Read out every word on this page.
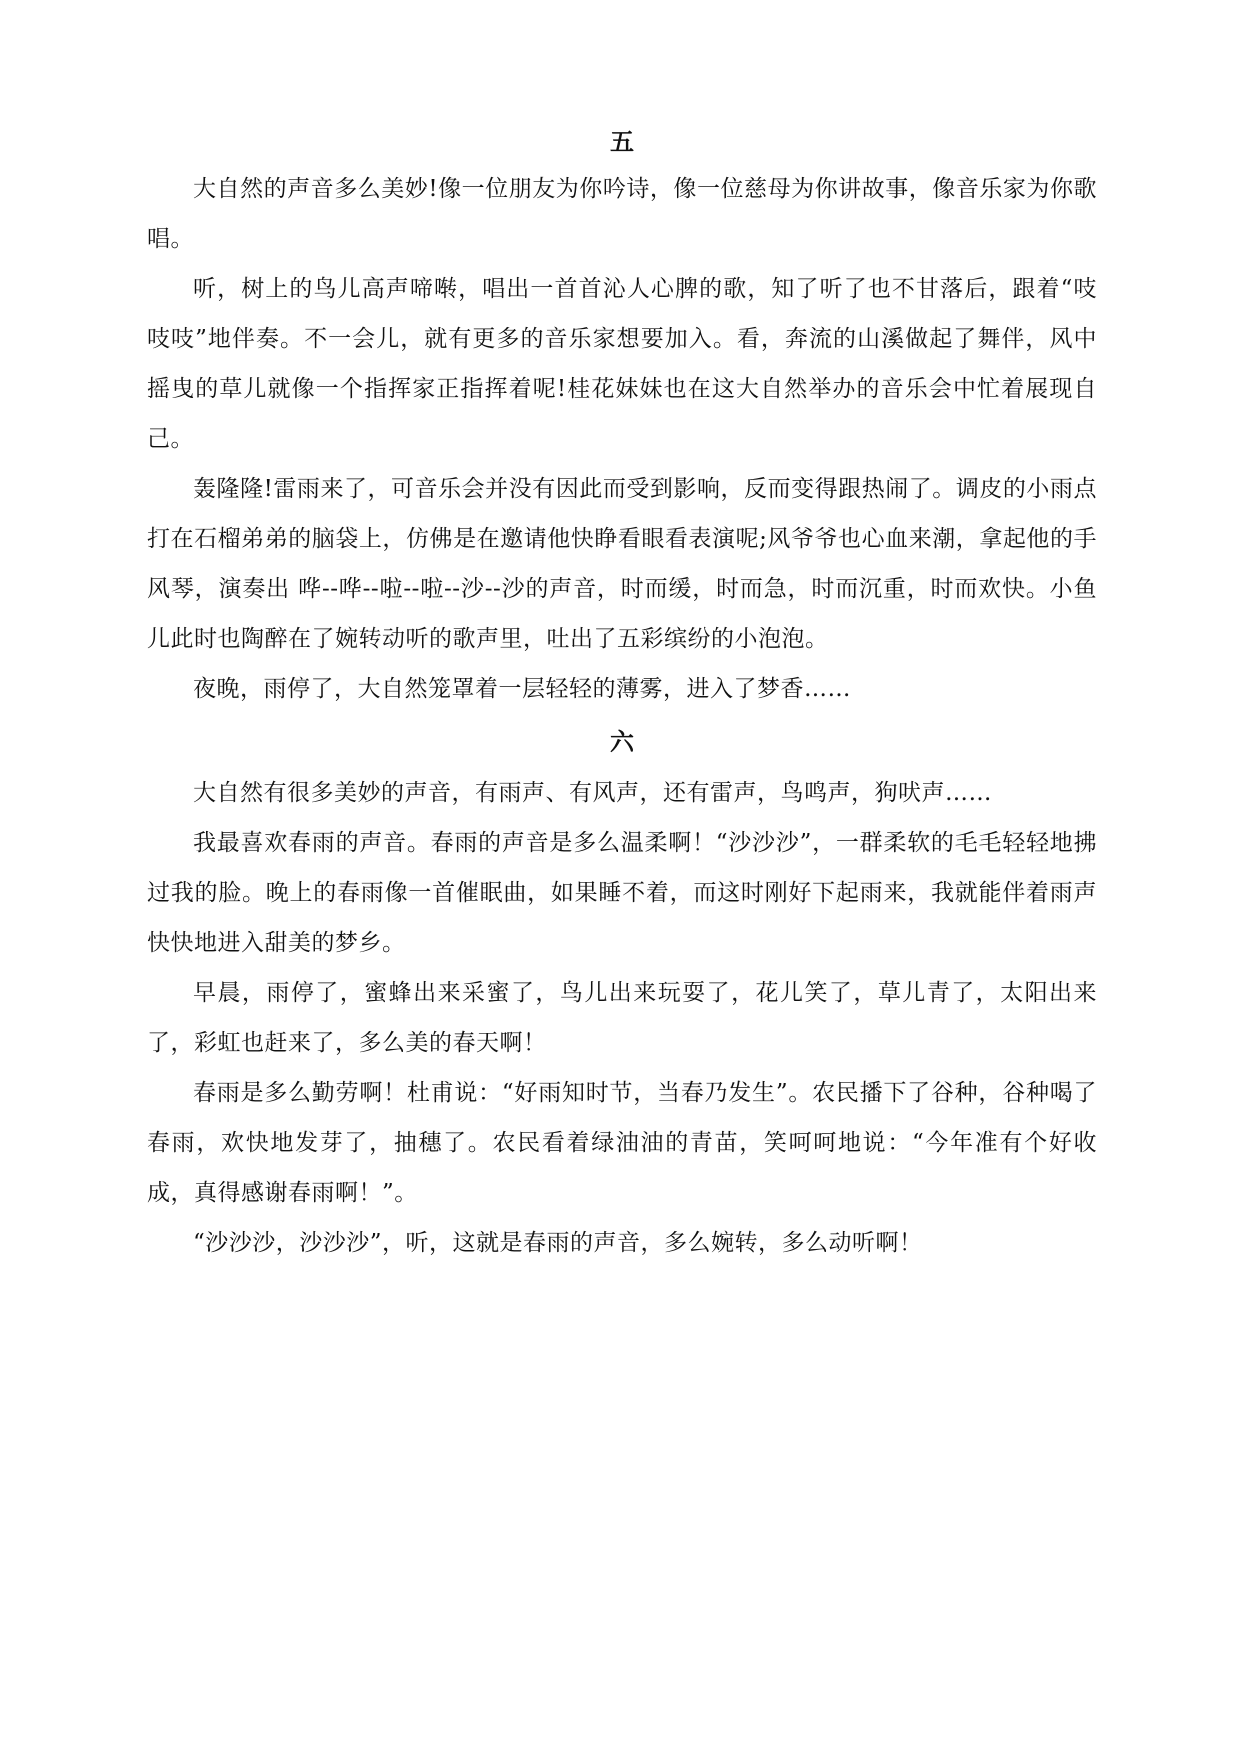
五

大自然的声音多么美妙!像一位朋友为你吟诗，像一位慈母为你讲故事，像音乐家为你歌唱。

听，树上的鸟儿高声啼啭，唱出一首首沁人心脾的歌，知了听了也不甘落后，跟着“吱吱吱”地伴奏。不一会儿，就有更多的音乐家想要加入。看，奔流的山溪做起了舞伴，风中摇曳的草儿就像一个指挥家正指挥着呢!桂花妹妹也在这大自然举办的音乐会中忙着展现自己。

轰隆隆!雷雨来了，可音乐会并没有因此而受到影响，反而变得跟热闹了。调皮的小雨点打在石榴弟弟的脑袋上，仿佛是在邀请他快睁看眼看表演呢;风爷爷也心血来潮，拿起他的手风琴，演奏出 哗--哗--啦--啦--沙--沙的声音，时而缓，时而急，时而沉重，时而欢快。小鱼儿此时也陶醉在了婉转动听的歌声里，吐出了五彩缤纷的小泡泡。

夜晚，雨停了，大自然笼罩着一层轻轻的薄雾，进入了梦香……

六

大自然有很多美妙的声音，有雨声、有风声，还有雷声，鸟鸣声，狗吠声……

我最喜欢春雨的声音。春雨的声音是多么温柔啊！“沙沙沙”，一群柔软的毛毛轻轻地拂过我的脸。晚上的春雨像一首催眠曲，如果睡不着，而这时刚好下起雨来，我就能伴着雨声快快地进入甜美的梦乡。

早晨，雨停了，蜜蜂出来采蜜了，鸟儿出来玩耍了，花儿笑了，草儿青了，太阳出来了，彩虹也赶来了，多么美的春天啊！

春雨是多么勤劳啊！杜甫说：“好雨知时节，当春乃发生”。农民播下了谷种，谷种喝了春雨，欢快地发芽了，抽穗了。农民看着绿油油的青苗，笑呵呵地说：“今年准有个好收成，真得感谢春雨啊！”。

“沙沙沙，沙沙沙”，听，这就是春雨的声音，多么婉转，多么动听啊！
